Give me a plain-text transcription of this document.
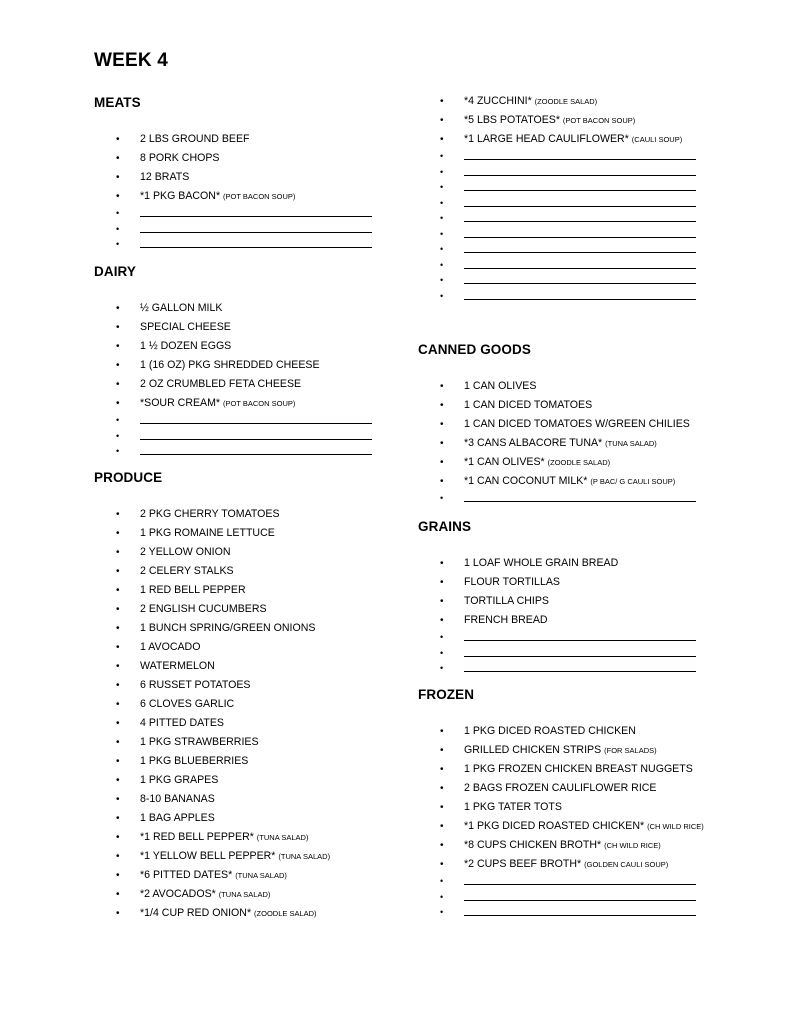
WEEK 4
MEATS
• 2 LBS GROUND BEEF
• 8 PORK CHOPS
• 12 BRATS
• *1 PKG BACON* (POT BACON SOUP)
•
•
•
DAIRY
• ½ GALLON MILK
• SPECIAL CHEESE
• 1 ½ DOZEN EGGS
• 1 (16 OZ) PKG SHREDDED CHEESE
• 2 OZ CRUMBLED FETA CHEESE
• *SOUR CREAM* (POT BACON SOUP)
•
•
•
PRODUCE
• 2 PKG CHERRY TOMATOES
• 1 PKG ROMAINE LETTUCE
• 2 YELLOW ONION
• 2 CELERY STALKS
• 1 RED BELL PEPPER
• 2 ENGLISH CUCUMBERS
• 1 BUNCH SPRING/GREEN ONIONS
• 1 AVOCADO
• WATERMELON
• 6 RUSSET POTATOES
• 6 CLOVES GARLIC
• 4 PITTED DATES
• 1 PKG STRAWBERRIES
• 1 PKG BLUEBERRIES
• 1 PKG GRAPES
• 8-10 BANANAS
• 1 BAG APPLES
• *1 RED BELL PEPPER* (TUNA SALAD)
• *1 YELLOW BELL PEPPER* (TUNA SALAD)
• *6 PITTED DATES* (TUNA SALAD)
• *2 AVOCADOS* (TUNA SALAD)
• *1/4 CUP RED ONION* (ZOODLE SALAD)
• *4 ZUCCHINI* (ZOODLE SALAD)
• *5 LBS POTATOES* (POT BACON SOUP)
• *1 LARGE HEAD CAULIFLOWER* (CAULI SOUP)
•
•
•
•
•
•
•
•
•
•
CANNED GOODS
• 1 CAN OLIVES
• 1 CAN DICED TOMATOES
• 1 CAN DICED TOMATOES W/GREEN CHILIES
• *3 CANS ALBACORE TUNA* (TUNA SALAD)
• *1 CAN OLIVES* (ZOODLE SALAD)
• *1 CAN COCONUT MILK* (P BAC/ G CAULI SOUP)
•
GRAINS
• 1 LOAF WHOLE GRAIN BREAD
• FLOUR TORTILLAS
• TORTILLA CHIPS
• FRENCH BREAD
•
•
•
FROZEN
• 1 PKG DICED ROASTED CHICKEN
• GRILLED CHICKEN STRIPS (FOR SALADS)
• 1 PKG FROZEN CHICKEN BREAST NUGGETS
• 2 BAGS FROZEN CAULIFLOWER RICE
• 1 PKG TATER TOTS
• *1 PKG DICED ROASTED CHICKEN* (CH WILD RICE)
• *8 CUPS CHICKEN BROTH* (CH WILD RICE)
• *2 CUPS BEEF BROTH* (GOLDEN CAULI SOUP)
•
•
•
